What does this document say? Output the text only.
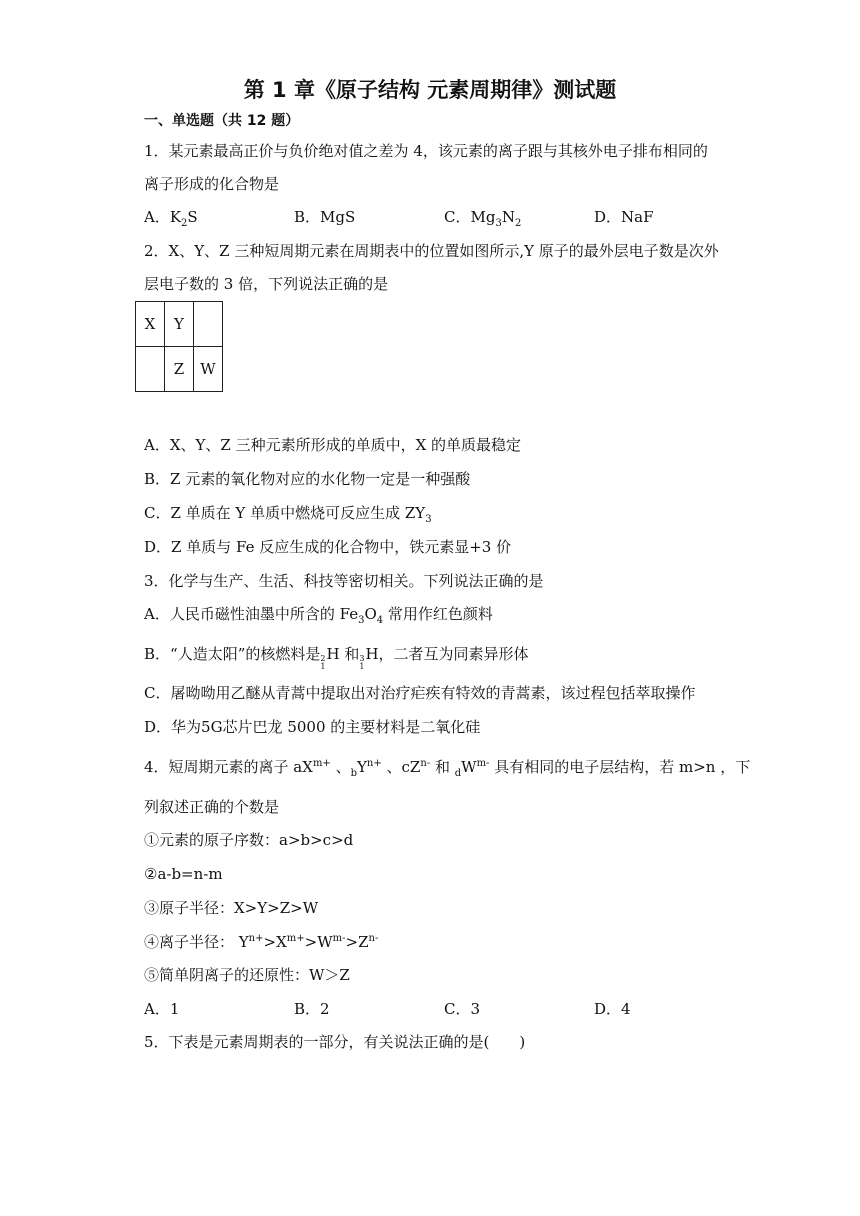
第 1 章《原子结构 元素周期律》测试题
一、单选题（共 12 题）
1．某元素最高正价与负价绝对值之差为 4，该元素的离子跟与其核外电子排布相同的
离子形成的化合物是
A．$K_2S$	B．MgS	C．$Mg_3N_2$	D．NaF
2．X、Y、Z 三种短周期元素在周期表中的位置如图所示,Y 原子的最外层电子数是次外
层电子数的 3 倍，下列说法正确的是
X	Y	
	Z	W
A．X、Y、Z 三种元素所形成的单质中，X 的单质最稳定
B．Z 元素的氧化物对应的水化物一定是一种强酸
C．Z 单质在 Y 单质中燃烧可反应生成 $ZY_3$
D．Z 单质与 Fe 反应生成的化合物中，铁元素显+3 价
3．化学与生产、生活、科技等密切相关。下列说法正确的是
A．人民币磁性油墨中所含的 $Fe_3O_4$ 常用作红色颜料
B．“人造太阳”的核燃料是 2
1
H 和 3
1
H，二者互为同素异形体
C．屠呦呦用乙醚从青蒿中提取出对治疗疟疾有特效的青蒿素，该过程包括萃取操作
D．华为5G芯片巴龙 5000 的主要材料是二氧化硅
4．短周期元素的离子 $aX^{m+}$ 、$_bY^{n+}$ 、$cZ^{n-}$ 和 $_dW^{m-}$ 具有相同的电子层结构，若 m>n ，下
列叙述正确的个数是
①元素的原子序数：a>b>c>d
②a-b=n-m
③原子半径：X>Y>Z>W
④离子半径： $Y^{n+}>X^{m+}>W^{m-}>Z^{n-}$
⑤简单阴离子的还原性：W＞Z
A．1	B．2	C．3	D．4
5．下表是元素周期表的一部分，有关说法正确的是(　　)
